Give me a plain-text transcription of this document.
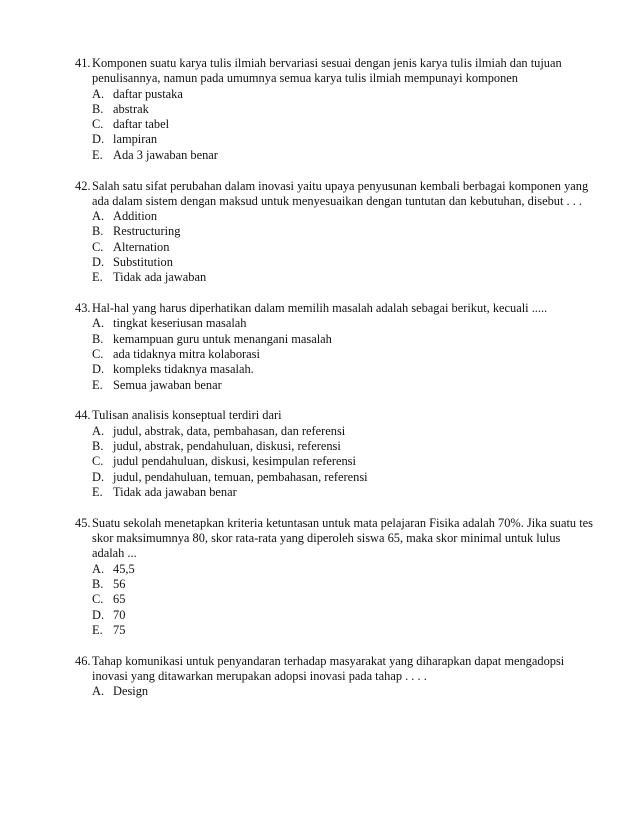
41. Komponen suatu karya tulis ilmiah bervariasi sesuai dengan jenis karya tulis ilmiah dan tujuan penulisannya, namun pada umumnya semua karya tulis ilmiah mempunayi komponen
A. daftar pustaka
B. abstrak
C. daftar tabel
D. lampiran
E. Ada 3 jawaban benar
42. Salah satu sifat perubahan dalam inovasi yaitu upaya penyusunan kembali berbagai komponen yang ada dalam sistem dengan maksud untuk menyesuaikan dengan tuntutan dan kebutuhan, disebut . . .
A. Addition
B. Restructuring
C. Alternation
D. Substitution
E. Tidak ada jawaban
43. Hal-hal yang harus diperhatikan dalam memilih masalah adalah sebagai berikut, kecuali .....
A. tingkat keseriusan masalah
B. kemampuan guru untuk menangani masalah
C. ada tidaknya mitra kolaborasi
D. kompleks tidaknya masalah.
E. Semua jawaban benar
44. Tulisan analisis konseptual terdiri dari
A. judul, abstrak, data, pembahasan, dan referensi
B. judul, abstrak, pendahuluan, diskusi, referensi
C. judul pendahuluan, diskusi, kesimpulan referensi
D. judul, pendahuluan, temuan, pembahasan, referensi
E. Tidak ada jawaban benar
45. Suatu sekolah menetapkan kriteria ketuntasan untuk mata pelajaran Fisika adalah 70%. Jika suatu tes skor maksimumnya 80, skor rata-rata yang diperoleh siswa 65, maka skor minimal untuk lulus adalah ...
A. 45,5
B. 56
C. 65
D. 70
E. 75
46. Tahap komunikasi untuk penyandaran terhadap masyarakat yang diharapkan dapat mengadopsi inovasi yang ditawarkan merupakan adopsi inovasi pada tahap . . . .
A. Design
